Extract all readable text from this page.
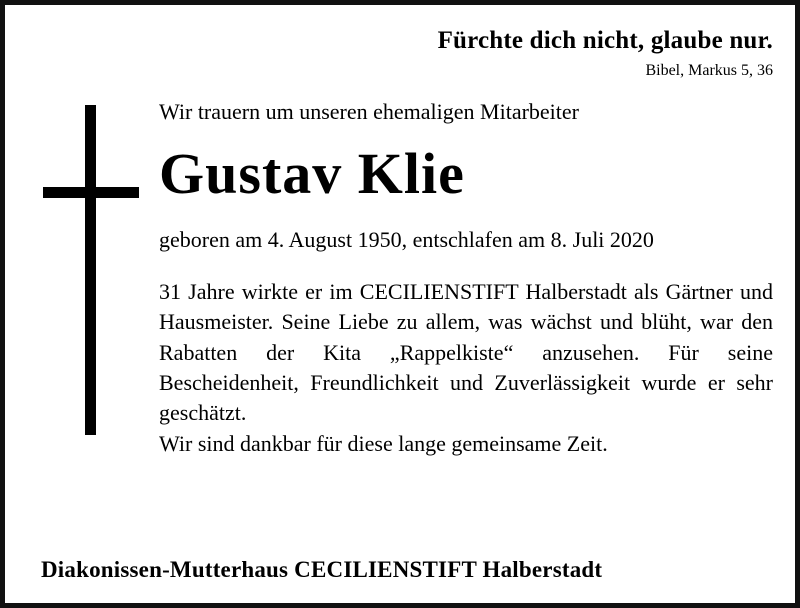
Fürchte dich nicht, glaube nur.
Bibel, Markus 5, 36
Wir trauern um unseren ehemaligen Mitarbeiter
Gustav Klie
geboren am 4. August 1950, entschlafen am 8. Juli 2020

31 Jahre wirkte er im CECILIENSTIFT Halberstadt als Gärtner und Hausmeister. Seine Liebe zu allem, was wächst und blüht, war den Rabatten der Kita „Rappelkiste“ anzusehen. Für seine Bescheidenheit, Freundlichkeit und Zuverlässigkeit wurde er sehr geschätzt.

Wir sind dankbar für diese lange gemeinsame Zeit.

Diakonissen-Mutterhaus CECILIENSTIFT Halberstadt
